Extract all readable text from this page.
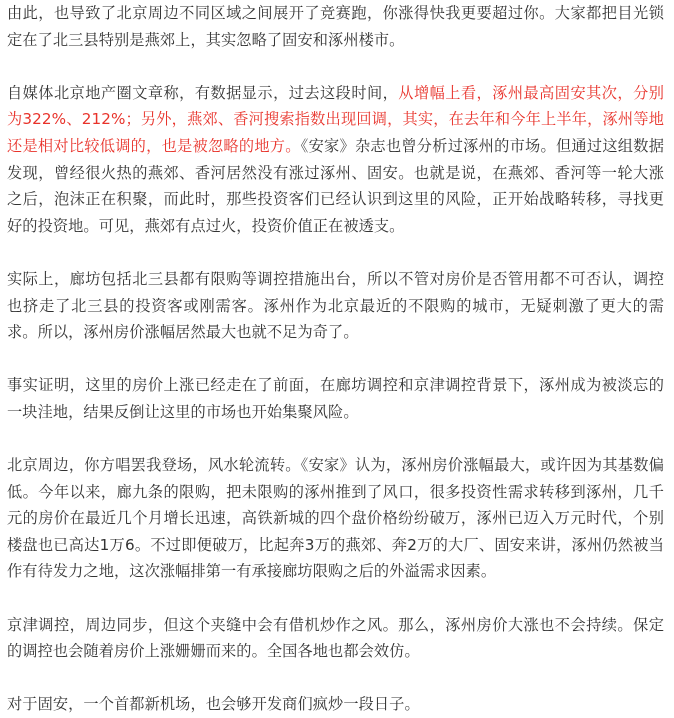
由此，也导致了北京周边不同区域之间展开了竞赛跑，你涨得快我更要超过你。大家都把目光锁定在了北三县特别是燕郊上，其实忽略了固安和涿州楼市。

自媒体北京地产圈文章称，有数据显示，过去这段时间，从增幅上看，涿州最高固安其次，分别为322%、212%；另外，燕郊、香河搜索指数出现回调，其实，在去年和今年上半年，涿州等地还是相对比较低调的，也是被忽略的地方。《安家》杂志也曾分析过涿州的市场。但通过这组数据发现，曾经很火热的燕郊、香河居然没有涨过涿州、固安。也就是说，在燕郊、香河等一轮大涨之后，泡沫正在积聚，而此时，那些投资客们已经认识到这里的风险，正开始战略转移，寻找更好的投资地。可见，燕郊有点过火，投资价值正在被透支。

实际上，廊坊包括北三县都有限购等调控措施出台，所以不管对房价是否管用都不可否认，调控也挤走了北三县的投资客或刚需客。涿州作为北京最近的不限购的城市，无疑刺激了更大的需求。所以，涿州房价涨幅居然最大也就不足为奇了。

事实证明，这里的房价上涨已经走在了前面，在廊坊调控和京津调控背景下，涿州成为被淡忘的一块洼地，结果反倒让这里的市场也开始集聚风险。

北京周边，你方唱罢我登场，风水轮流转。《安家》认为，涿州房价涨幅最大，或许因为其基数偏低。今年以来，廊九条的限购，把未限购的涿州推到了风口，很多投资性需求转移到涿州，几千元的房价在最近几个月增长迅速，高铁新城的四个盘价格纷纷破万，涿州已迈入万元时代，个别楼盘也已高达1万6。不过即便破万，比起奔3万的燕郊、奔2万的大厂、固安来讲，涿州仍然被当作有待发力之地，这次涨幅排第一有承接廊坊限购之后的外溢需求因素。

京津调控，周边同步，但这个夹缝中会有借机炒作之风。那么，涿州房价大涨也不会持续。保定的调控也会随着房价上涨姗姗而来的。全国各地也都会效仿。

对于固安，一个首都新机场，也会够开发商们疯炒一段日子。
